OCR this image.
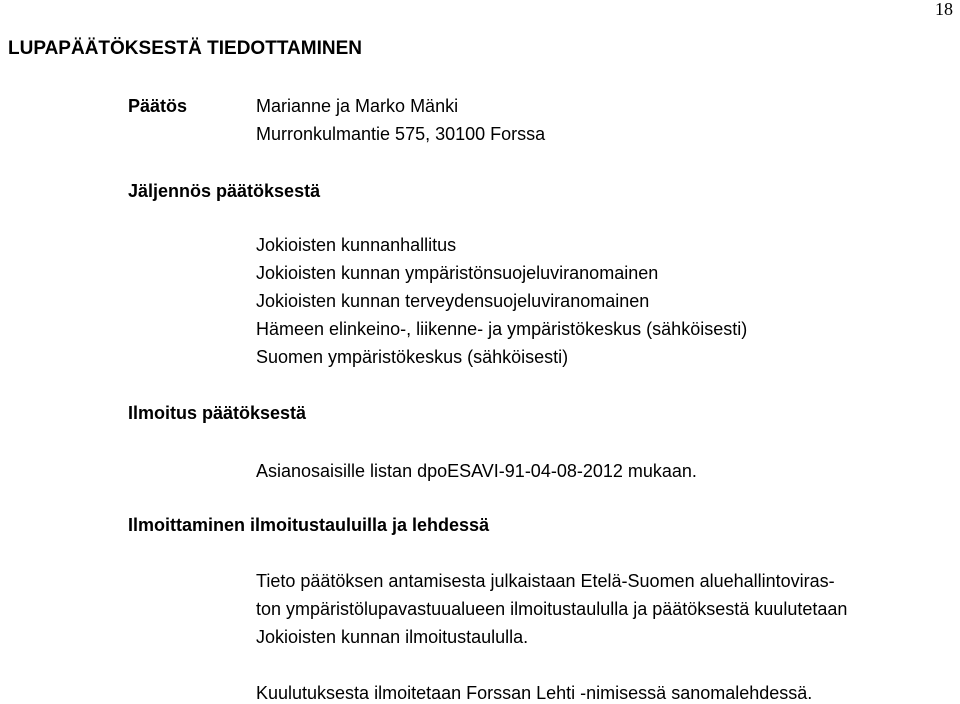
18
LUPAPÄÄTÖKSESTÄ TIEDOTTAMINEN
Päätös	Marianne ja Marko Mänki
Murronkulmantie 575, 30100 Forssa
Jäljennös päätöksestä
Jokioisten kunnanhallitus
Jokioisten kunnan ympäristönsuojeluviranomainen
Jokioisten kunnan terveydensuojeluviranomainen
Hämeen elinkeino-, liikenne- ja ympäristökeskus (sähköisesti)
Suomen ympäristökeskus (sähköisesti)
Ilmoitus päätöksestä
Asianosaisille listan dpoESAVI-91-04-08-2012 mukaan.
Ilmoittaminen ilmoitustauluilla ja lehdessä
Tieto päätöksen antamisesta julkaistaan Etelä-Suomen aluehallintoviras-
ton ympäristölupavastuualueen ilmoitustaululla ja päätöksestä kuulutetaan
Jokioisten kunnan ilmoitustaululla.
Kuulutuksesta ilmoitetaan Forssan Lehti -nimisessä sanomalehdessä.
